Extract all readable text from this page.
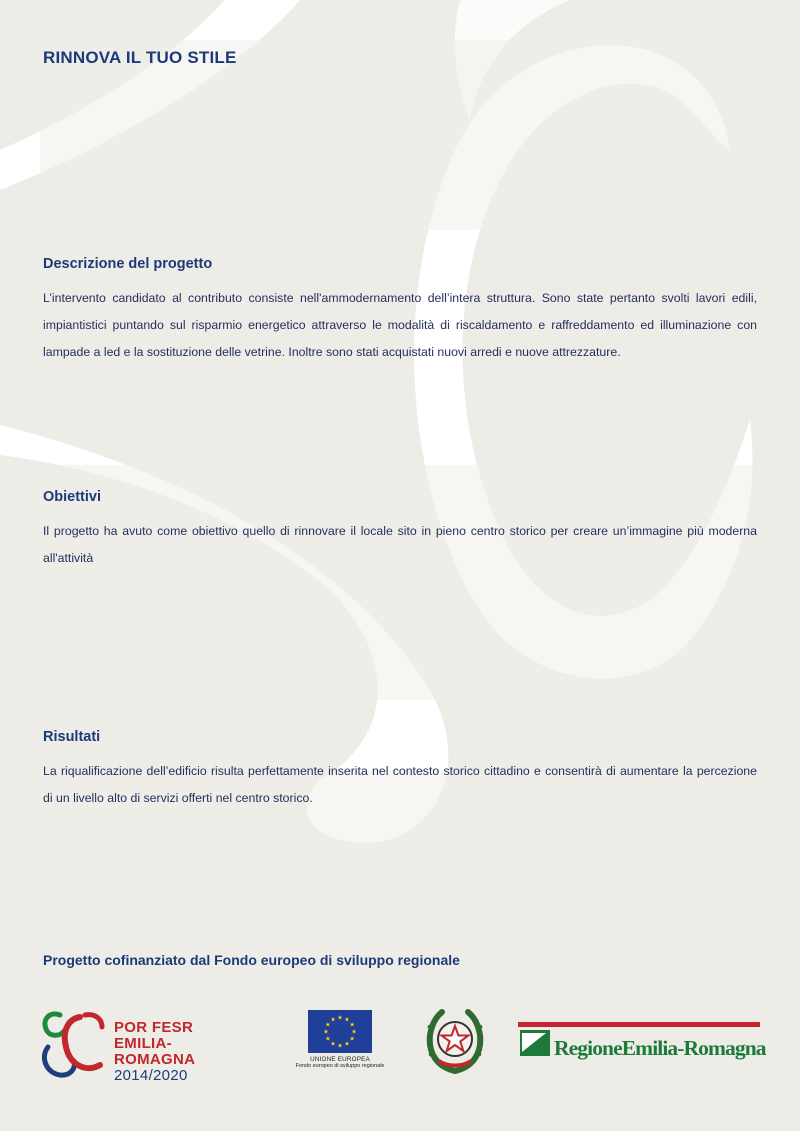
RINNOVA IL TUO STILE
Descrizione del progetto

L’intervento candidato al contributo consiste nell'ammodernamento dell’intera struttura. Sono state pertanto svolti lavori edili, impiantistici puntando sul risparmio energetico attraverso le modalità di riscaldamento e raffreddamento ed illuminazione con lampade a led e la sostituzione delle vetrine. Inoltre sono stati acquistati nuovi arredi e nuove attrezzature.

Obiettivi

Il progetto ha avuto come obiettivo quello di rinnovare il locale sito in pieno centro storico per creare un’immagine più moderna all'attività

Risultati

La riqualificazione dell’edificio risulta perfettamente inserita nel contesto storico cittadino e consentirà di aumentare la percezione di un livello alto di servizi offerti nel centro storico.

Progetto cofinanziato dal Fondo europeo di sviluppo regionale
POR FESR
EMILIA-ROMAGNA
2014/2020
UNIONE EUROPEA
Fondo europeo di sviluppo regionale
RegioneEmilia-Romagna
